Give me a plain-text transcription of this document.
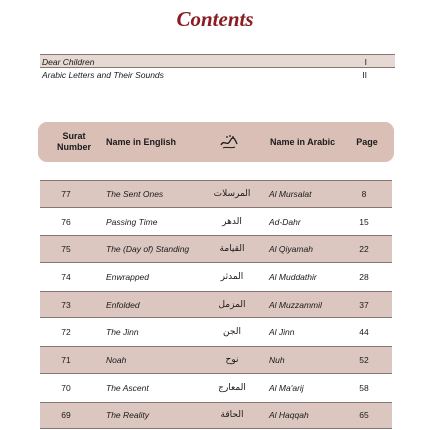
Contents
Dear Children	I
Arabic Letters and Their Sounds	II
Surat
Number Name in English	Name in Arabic	Page
77	The Sent Ones	المرسلات Al Mursalat	8
76	Passing Time	الدهر	Ad-Dahr	15
75	The (Day of) Standing	القيامة	Al Qiyamah	22
74	Enwrapped	المدثر	Al Muddathir	28
73	Enfolded	المزمل	Al Muzzammil	37
72	The Jinn	الجن	Al Jinn	44
71	Noah	نوح	Nuh	52
70	The Ascent	المعارج	Al Ma'arij	58
69	The Reality	الحاقة	Al Haqqah	65
